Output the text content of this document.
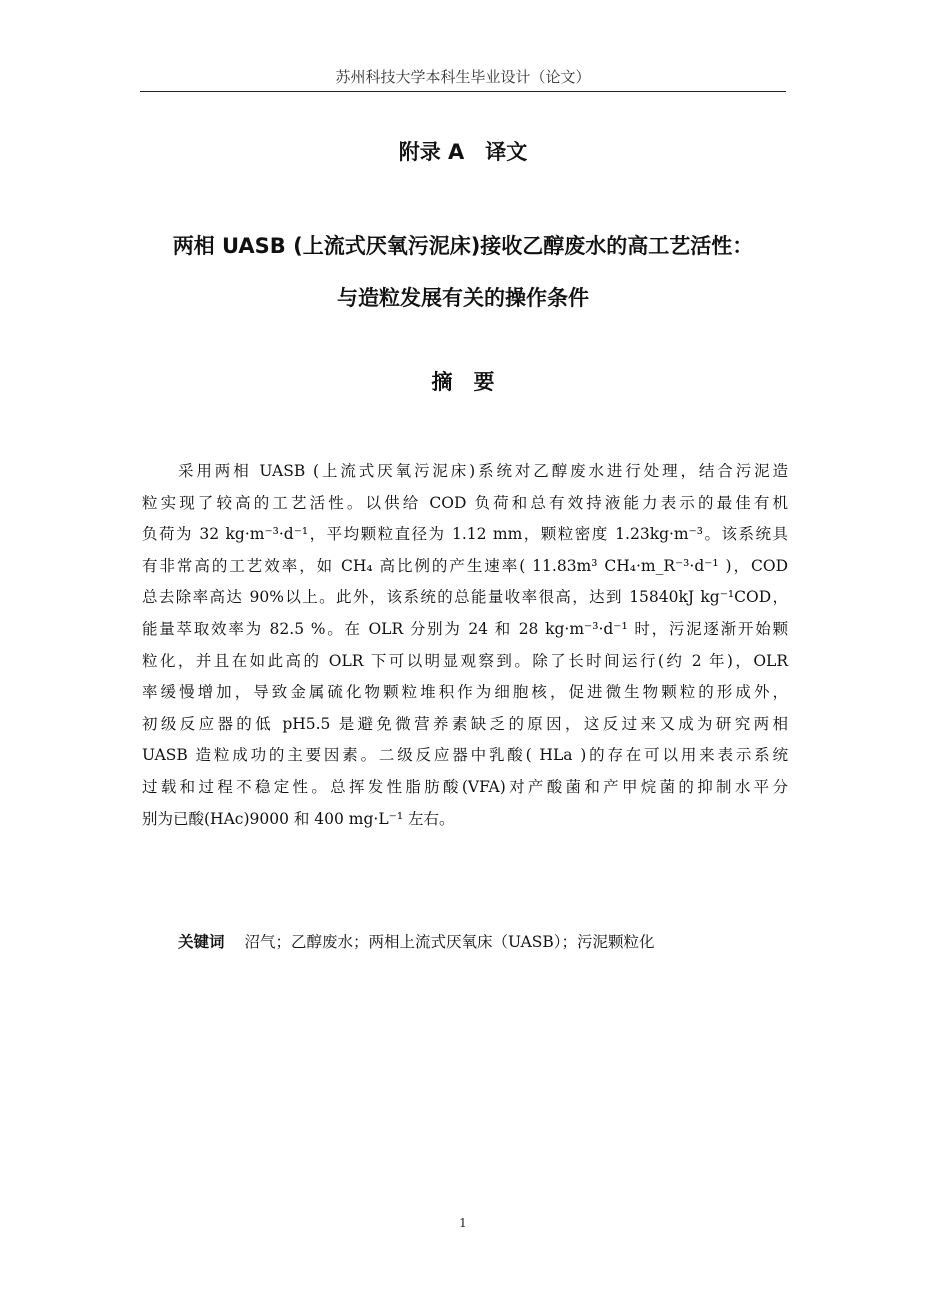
苏州科技大学本科生毕业设计（论文）
附录 A　译文
两相 UASB (上流式厌氧污泥床)接收乙醇废水的高工艺活性：
与造粒发展有关的操作条件
摘　要
采用两相 UASB (上流式厌氧污泥床)系统对乙醇废水进行处理，结合污泥造
粒实现了较高的工艺活性。以供给 COD 负荷和总有效持液能力表示的最佳有机
负荷为 32 kg·m⁻³·d⁻¹，平均颗粒直径为 1.12 mm，颗粒密度 1.23kg·m⁻³。该系统具
有非常高的工艺效率，如 CH₄ 高比例的产生速率( 11.83m³ CH₄·m_R⁻³·d⁻¹ )，COD
总去除率高达 90%以上。此外，该系统的总能量收率很高，达到 15840kJ kg⁻¹COD，
能量萃取效率为 82.5 %。在 OLR 分别为 24 和 28 kg·m⁻³·d⁻¹ 时，污泥逐渐开始颗
粒化，并且在如此高的 OLR 下可以明显观察到。除了长时间运行(约 2 年)，OLR
率缓慢增加，导致金属硫化物颗粒堆积作为细胞核，促进微生物颗粒的形成外，
初级反应器的低 pH5.5 是避免微营养素缺乏的原因，这反过来又成为研究两相
UASB 造粒成功的主要因素。二级反应器中乳酸( HLa )的存在可以用来表示系统
过载和过程不稳定性。总挥发性脂肪酸(VFA)对产酸菌和产甲烷菌的抑制水平分
别为已酸(HAc)9000 和 400 mg·L⁻¹ 左右。
关键词 沼气；乙醇废水；两相上流式厌氧床（UASB）；污泥颗粒化
1
